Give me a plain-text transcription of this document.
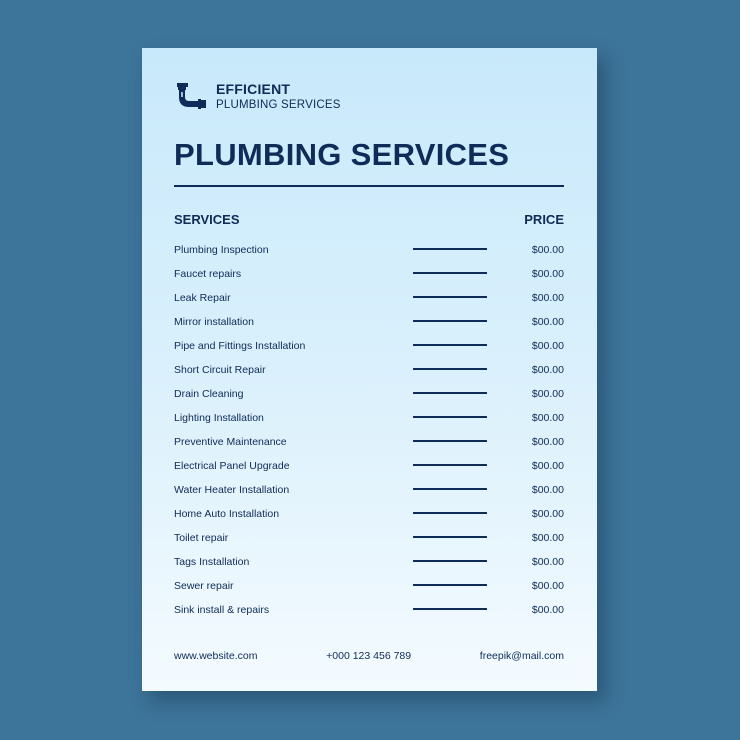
EFFICIENT
PLUMBING SERVICES
PLUMBING SERVICES
SERVICES	PRICE
Plumbing Inspection	$00.00
Faucet repairs	$00.00
Leak Repair	$00.00
Mirror installation	$00.00
Pipe and Fittings Installation	$00.00
Short Circuit Repair	$00.00
Drain Cleaning	$00.00
Lighting Installation	$00.00
Preventive Maintenance	$00.00
Electrical Panel Upgrade	$00.00
Water Heater Installation	$00.00
Home Auto Installation	$00.00
Toilet repair	$00.00
Tags Installation	$00.00
Sewer repair	$00.00
Sink install & repairs	$00.00
www.website.com	+000 123 456 789	freepik@mail.com
